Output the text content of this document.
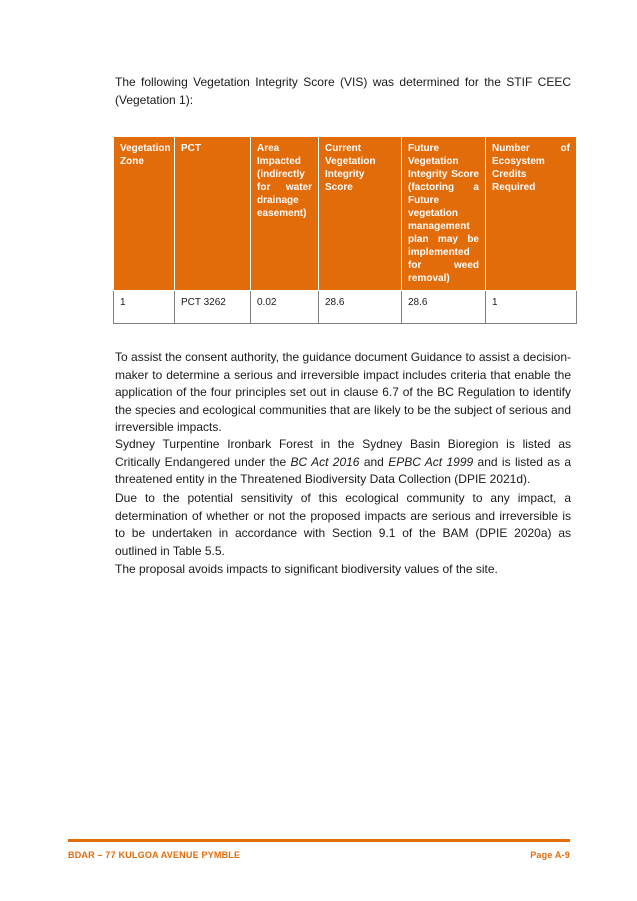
The following Vegetation Integrity Score (VIS) was determined for the STIF CEEC (Vegetation 1):

Vegetation Zone	PCT	Area Impacted (indirectly for water drainage easement)	Current Vegetation Integrity Score	Future Vegetation Integrity Score (factoring a Future vegetation management plan may be implemented for weed removal)	Number of Ecosystem Credits Required
1	PCT 3262	0.02	28.6	28.6	1

To assist the consent authority, the guidance document Guidance to assist a decision-maker to determine a serious and irreversible impact includes criteria that enable the application of the four principles set out in clause 6.7 of the BC Regulation to identify the species and ecological communities that are likely to be the subject of serious and irreversible impacts.

Sydney Turpentine Ironbark Forest in the Sydney Basin Bioregion is listed as Critically Endangered under the BC Act 2016 and EPBC Act 1999 and is listed as a threatened entity in the Threatened Biodiversity Data Collection (DPIE 2021d).

Due to the potential sensitivity of this ecological community to any impact, a determination of whether or not the proposed impacts are serious and irreversible is to be undertaken in accordance with Section 9.1 of the BAM (DPIE 2020a) as outlined in Table 5.5.

The proposal avoids impacts to significant biodiversity values of the site.

BDAR – 77 KULGOA AVENUE PYMBLE	Page A-9
